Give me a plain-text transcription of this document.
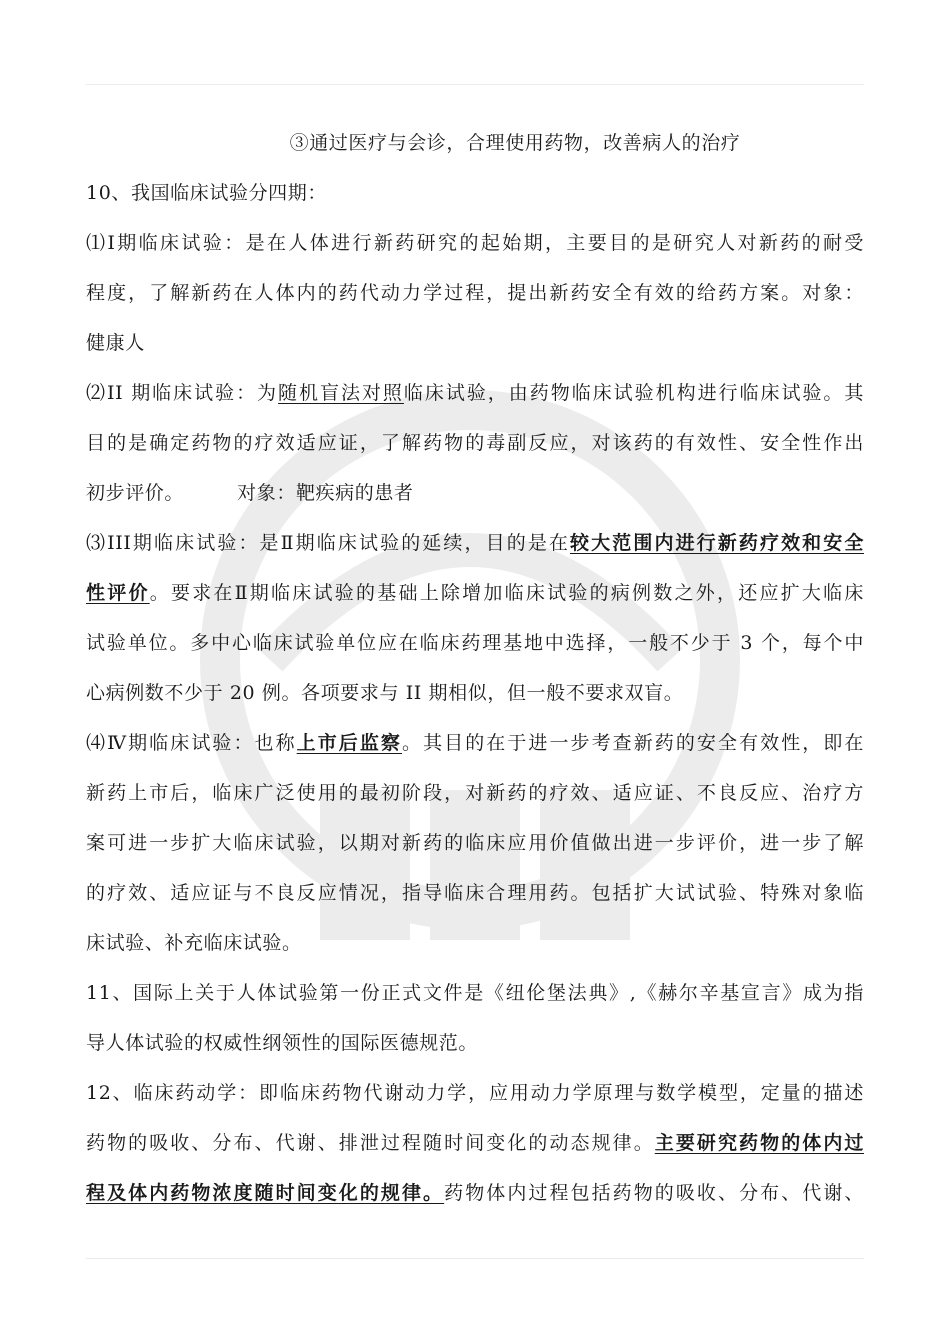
③通过医疗与会诊，合理使用药物，改善病人的治疗
10、我国临床试验分四期：
⑴Ⅰ期临床试验：是在人体进行新药研究的起始期，主要目的是研究人对新药的耐受
程度，了解新药在人体内的药代动力学过程，提出新药安全有效的给药方案。对象：
健康人
⑵II 期临床试验：为随机盲法对照临床试验，由药物临床试验机构进行临床试验。其
目的是确定药物的疗效适应证，了解药物的毒副反应，对该药的有效性、安全性作出
初步评价。        对象：靶疾病的患者
⑶III期临床试验：是Ⅱ期临床试验的延续，目的是在较大范围内进行新药疗效和安全
性评价。要求在Ⅱ期临床试验的基础上除增加临床试验的病例数之外，还应扩大临床
试验单位。多中心临床试验单位应在临床药理基地中选择，一般不少于 3 个，每个中
心病例数不少于 20 例。各项要求与 II 期相似，但一般不要求双盲。
⑷Ⅳ期临床试验：也称上市后监察。其目的在于进一步考查新药的安全有效性，即在
新药上市后，临床广泛使用的最初阶段，对新药的疗效、适应证、不良反应、治疗方
案可进一步扩大临床试验，以期对新药的临床应用价值做出进一步评价，进一步了解
的疗效、适应证与不良反应情况，指导临床合理用药。包括扩大试试验、特殊对象临
床试验、补充临床试验。
11、国际上关于人体试验第一份正式文件是《纽伦堡法典》,《赫尔辛基宣言》成为指
导人体试验的权威性纲领性的国际医德规范。
12、临床药动学：即临床药物代谢动力学，应用动力学原理与数学模型，定量的描述
药物的吸收、分布、代谢、排泄过程随时间变化的动态规律。主要研究药物的体内过
程及体内药物浓度随时间变化的规律。药物体内过程包括药物的吸收、分布、代谢、
